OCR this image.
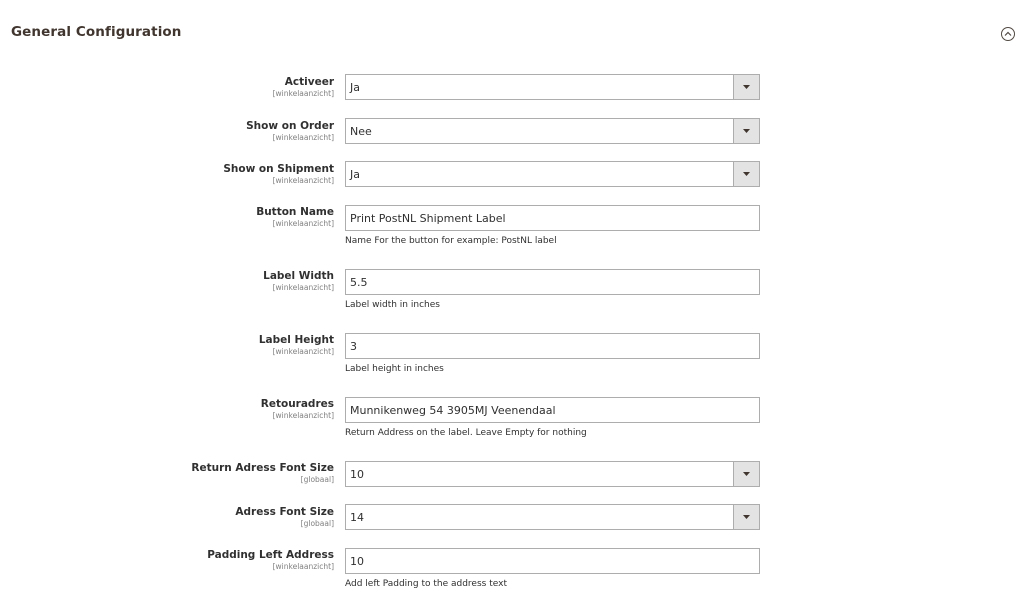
General Configuration
Activeer
[winkelaanzicht] Ja
Show on Order
[winkelaanzicht] Nee
Show on Shipment
[winkelaanzicht] Ja
Button Name
[winkelaanzicht] Print PostNL Shipment Label
Name For the button for example: PostNL label
Label Width
[winkelaanzicht] 5.5
Label width in inches
Label Height
[winkelaanzicht] 3
Label height in inches
Retouradres
[winkelaanzicht] Munnikenweg 54 3905MJ Veenendaal
Return Address on the label. Leave Empty for nothing
Return Adress Font Size
[globaal] 10
Adress Font Size
[globaal] 14
Padding Left Address
[winkelaanzicht] 10
Add left Padding to the address text
